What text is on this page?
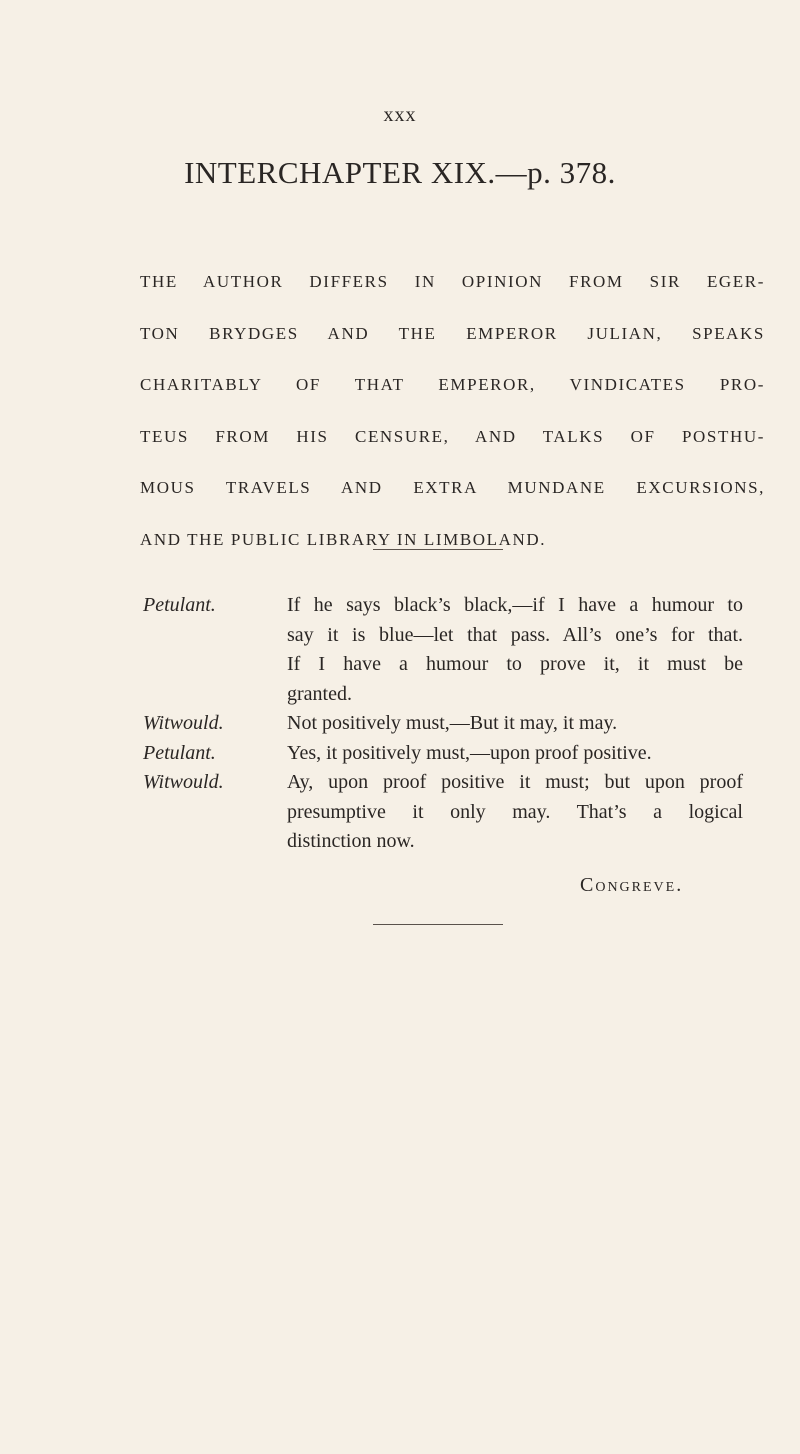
xxx
INTERCHAPTER XIX.—p. 378.

THE AUTHOR DIFFERS IN OPINION FROM SIR EGER-
TON BRYDGES AND THE EMPEROR JULIAN, SPEAKS
CHARITABLY OF THAT EMPEROR, VINDICATES PRO-
TEUS FROM HIS CENSURE, AND TALKS OF POSTHU-
MOUS TRAVELS AND EXTRA MUNDANE EXCURSIONS,
AND THE PUBLIC LIBRARY IN LIMBOLAND.

Petulant.	If he says black’s black,—if I have a humour to
say it is blue—let that pass. All’s one’s for that.
If I have a humour to prove it, it must be
granted.
Witwould.	Not positively must,—But it may, it may.
Petulant.	Yes, it positively must,—upon proof positive.
Witwould.	Ay, upon proof positive it must; but upon proof
presumptive it only may. That’s a logical
distinction now.
Congreve.
